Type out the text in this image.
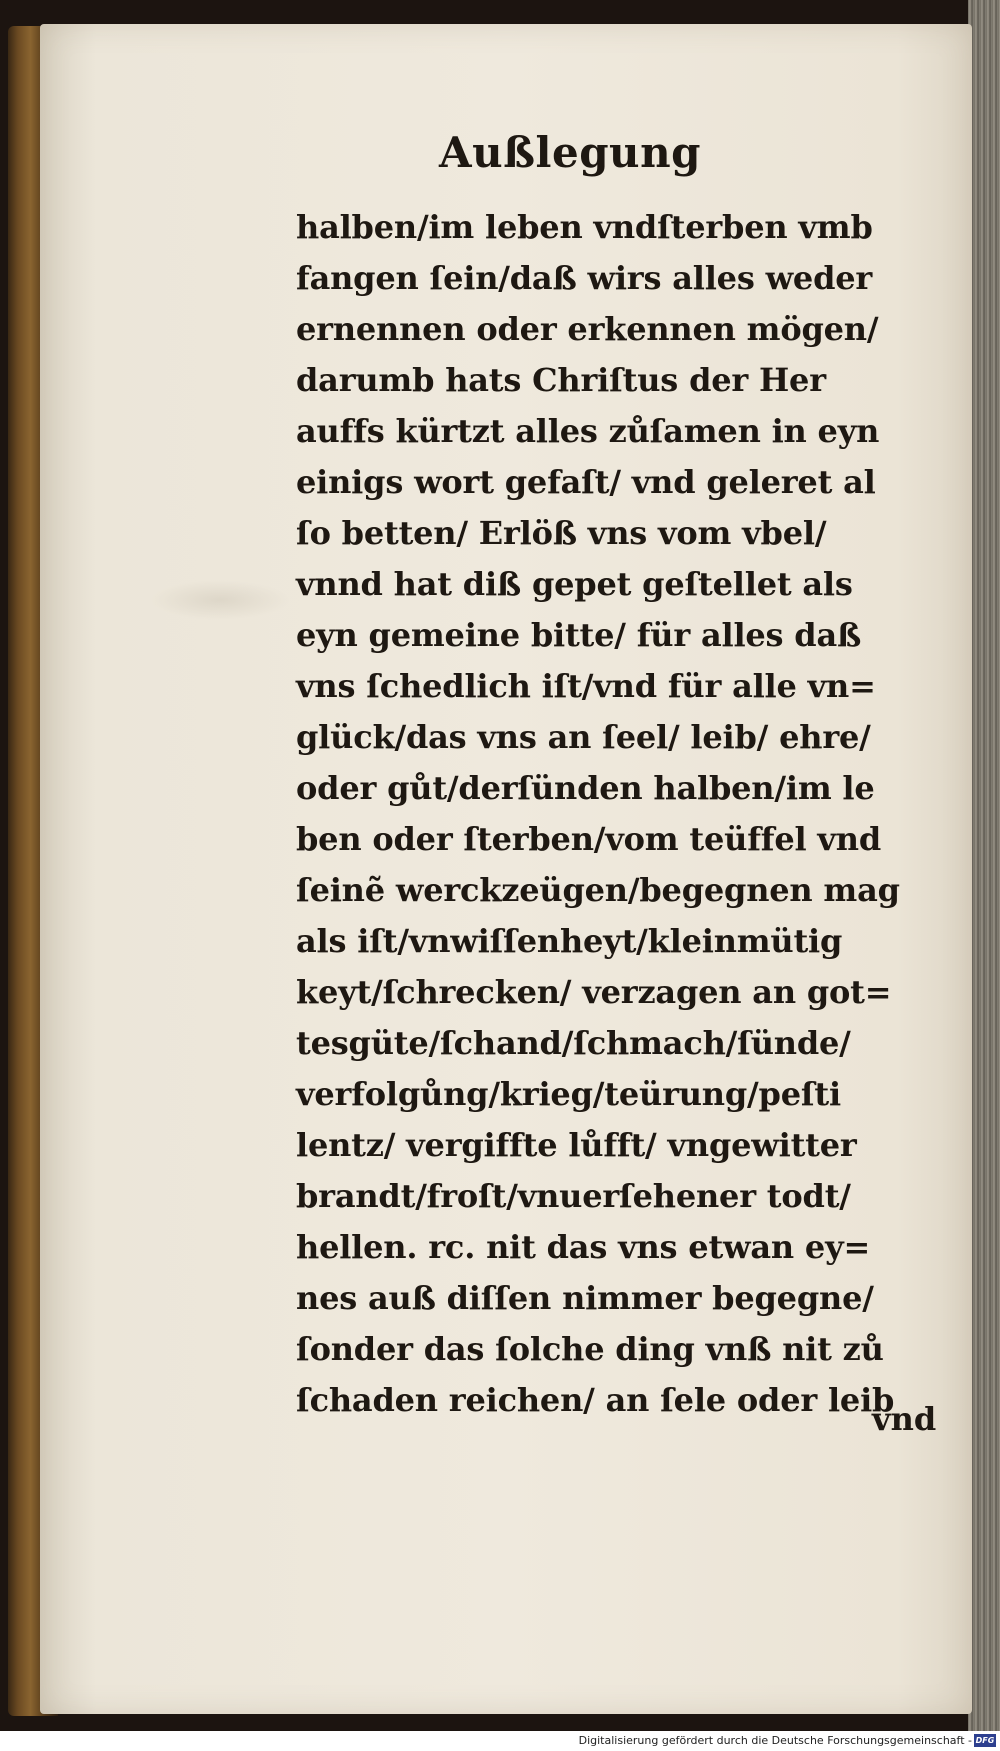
Außlegung
halben/im leben vndſterben vmb
fangen ſein/daß wirs alles weder
ernennen oder erkennen mögen/
darumb hats Chriſtus der Her
auffs kürtzt alles zůſamen in eyn
einigs wort gefaſt/ vnd geleret al
ſo betten/ Erlöß vns vom vbel/
vnnd hat diß gepet geſtellet als
eyn gemeine bitte/ für alles daß
vns ſchedlich iſt/vnd für alle vn=
glück/das vns an ſeel/ leib/ ehre/
oder gůt/derſünden halben/im le
ben oder ſterben/vom teüffel vnd
ſeinẽ werckzeügen/begegnen mag
als iſt/vnwiſſenheyt/kleinmütig
keyt/ſchrecken/ verzagen an got=
tesgüte/ſchand/ſchmach/ſünde/
verfolgůng/krieg/teürung/peſti
lentz/ vergiffte lůfft/ vngewitter
brandt/froſt/vnuerſehener todt/
hellen. rc. nit das vns etwan ey=
nes auß diſſen nimmer begegne/
ſonder das ſolche ding vnß nit zů
ſchaden reichen/ an ſele oder leib
vnd
Digitalisierung gefördert durch die Deutsche Forschungsgemeinschaft - DFG
